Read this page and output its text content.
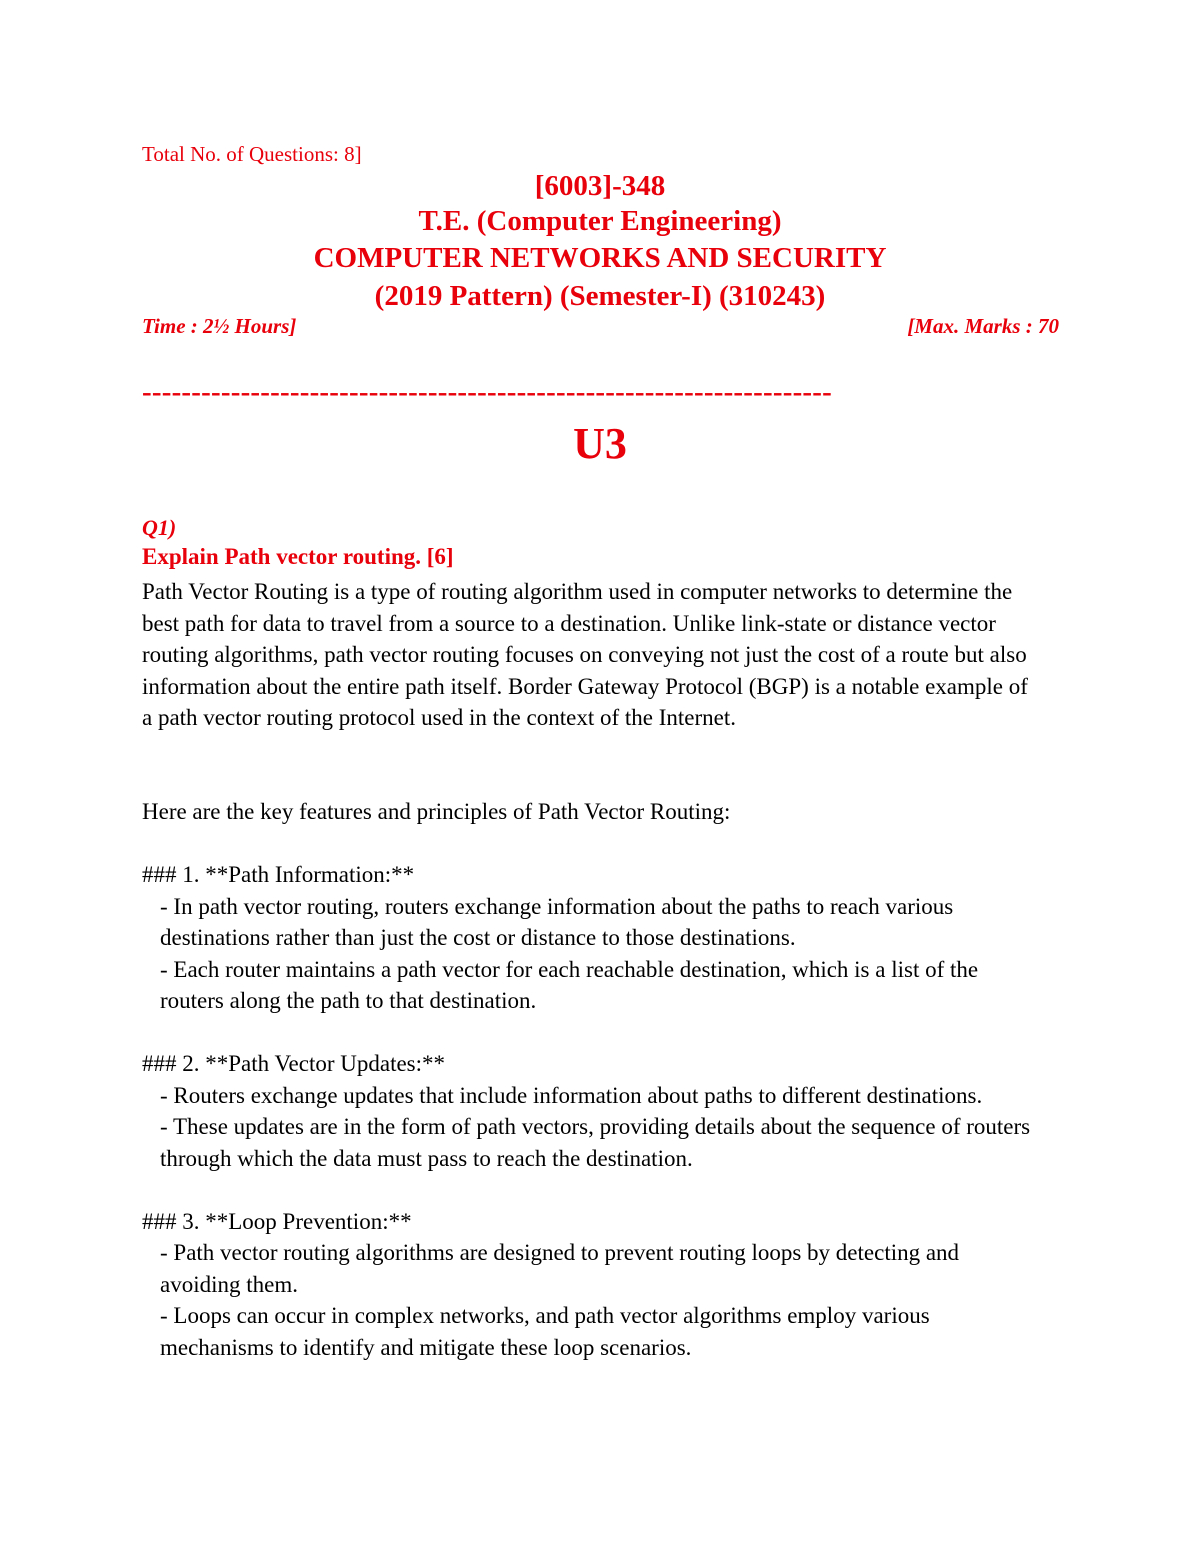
Total No. of Questions: 8]
[6003]-348
T.E. (Computer Engineering)
COMPUTER NETWORKS AND SECURITY
(2019 Pattern) (Semester-I) (310243)
Time : 2½ Hours]	[Max. Marks : 70
----------------------------------------------------------------------
U3
Q1)
Explain Path vector routing. [6]

Path Vector Routing is a type of routing algorithm used in computer networks to determine the best path for data to travel from a source to a destination. Unlike link-state or distance vector routing algorithms, path vector routing focuses on conveying not just the cost of a route but also information about the entire path itself. Border Gateway Protocol (BGP) is a notable example of a path vector routing protocol used in the context of the Internet.

Here are the key features and principles of Path Vector Routing:

### 1. **Path Information:**

- In path vector routing, routers exchange information about the paths to reach various destinations rather than just the cost or distance to those destinations.

- Each router maintains a path vector for each reachable destination, which is a list of the routers along the path to that destination.

### 2. **Path Vector Updates:**

- Routers exchange updates that include information about paths to different destinations.

- These updates are in the form of path vectors, providing details about the sequence of routers through which the data must pass to reach the destination.

### 3. **Loop Prevention:**

- Path vector routing algorithms are designed to prevent routing loops by detecting and avoiding them.

- Loops can occur in complex networks, and path vector algorithms employ various mechanisms to identify and mitigate these loop scenarios.
